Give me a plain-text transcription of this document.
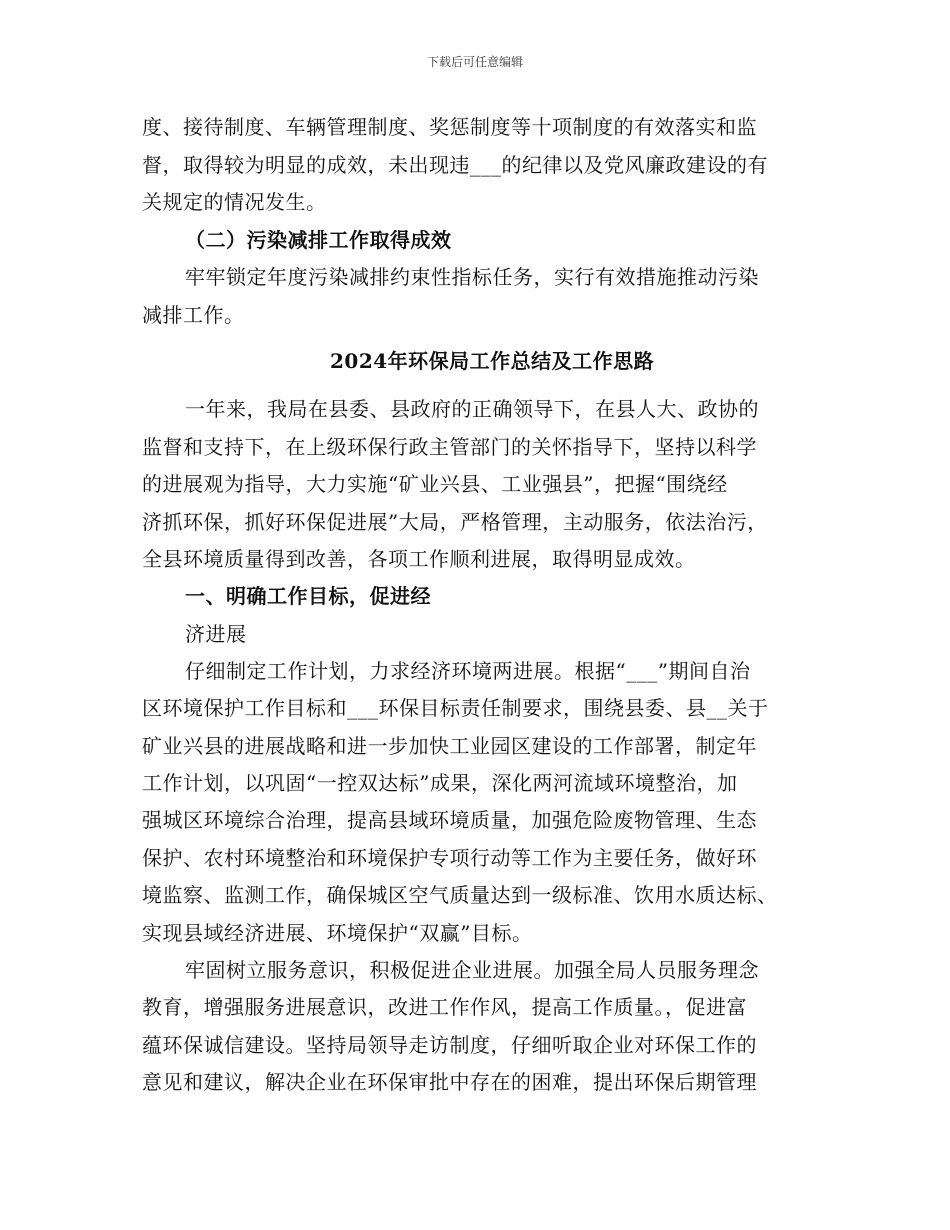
下载后可任意编辑
度、接待制度、车辆管理制度、奖惩制度等十项制度的有效落实和监
督，取得较为明显的成效，未出现违___的纪律以及党风廉政建设的有
关规定的情况发生。
（二）污染减排工作取得成效
牢牢锁定年度污染减排约束性指标任务，实行有效措施推动污染
减排工作。
2024年环保局工作总结及工作思路
一年来，我局在县委、县政府的正确领导下，在县人大、政协的
监督和支持下，在上级环保行政主管部门的关怀指导下，坚持以科学
的进展观为指导，大力实施“矿业兴县、工业强县”，把握“围绕经
济抓环保，抓好环保促进展”大局，严格管理，主动服务，依法治污，
全县环境质量得到改善，各项工作顺利进展，取得明显成效。
一、明确工作目标，促进经
济进展
仔细制定工作计划，力求经济环境两进展。根据“___”期间自治
区环境保护工作目标和___环保目标责任制要求，围绕县委、县__关于
矿业兴县的进展战略和进一步加快工业园区建设的工作部署，制定年
工作计划，以巩固“一控双达标”成果，深化两河流域环境整治，加
强城区环境综合治理，提高县域环境质量，加强危险废物管理、生态
保护、农村环境整治和环境保护专项行动等工作为主要任务，做好环
境监察、监测工作，确保城区空气质量达到一级标准、饮用水质达标、
实现县域经济进展、环境保护“双赢”目标。
牢固树立服务意识，积极促进企业进展。加强全局人员服务理念
教育，增强服务进展意识，改进工作作风，提高工作质量。，促进富
蕴环保诚信建设。坚持局领导走访制度，仔细听取企业对环保工作的
意见和建议，解决企业在环保审批中存在的困难，提出环保后期管理
